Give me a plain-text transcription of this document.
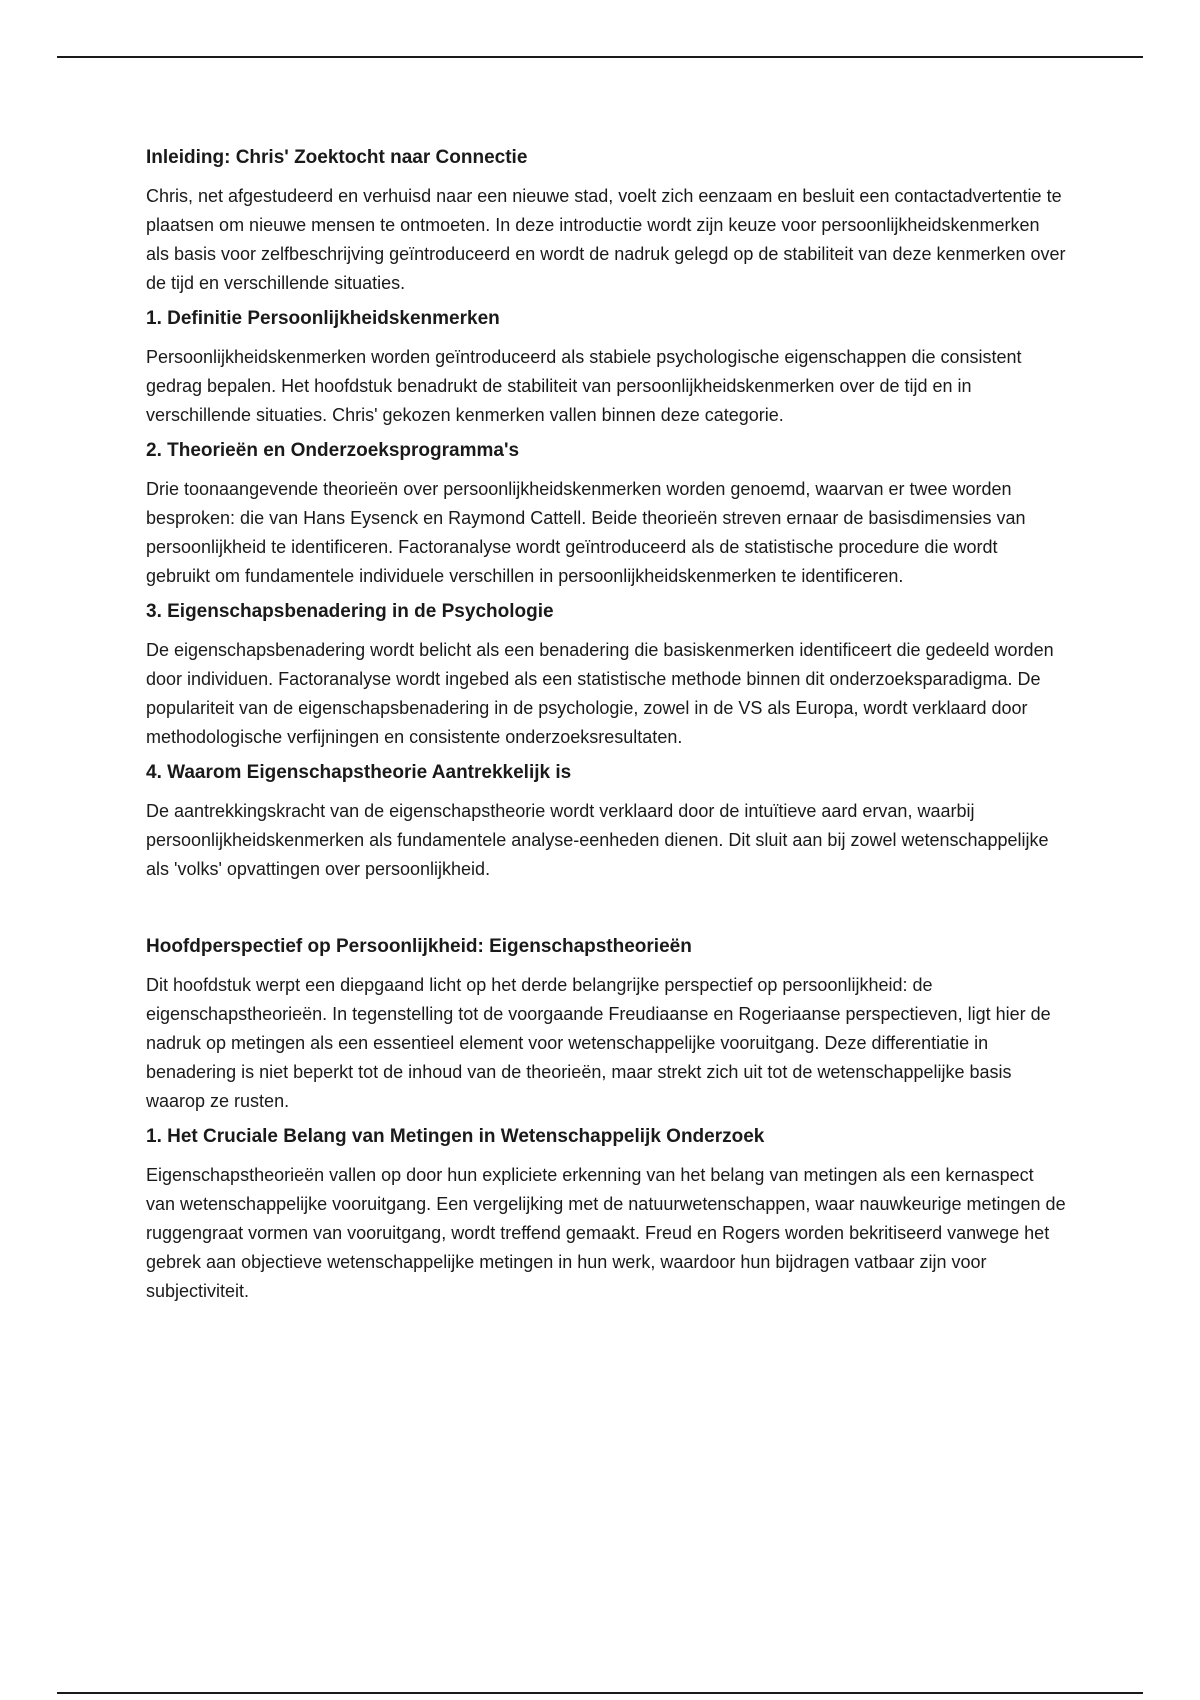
Inleiding: Chris' Zoektocht naar Connectie

Chris, net afgestudeerd en verhuisd naar een nieuwe stad, voelt zich eenzaam en besluit een contactadvertentie te plaatsen om nieuwe mensen te ontmoeten. In deze introductie wordt zijn keuze voor persoonlijkheidskenmerken als basis voor zelfbeschrijving geïntroduceerd en wordt de nadruk gelegd op de stabiliteit van deze kenmerken over de tijd en verschillende situaties.

1. Definitie Persoonlijkheidskenmerken

Persoonlijkheidskenmerken worden geïntroduceerd als stabiele psychologische eigenschappen die consistent gedrag bepalen. Het hoofdstuk benadrukt de stabiliteit van persoonlijkheidskenmerken over de tijd en in verschillende situaties. Chris' gekozen kenmerken vallen binnen deze categorie.

2. Theorieën en Onderzoeksprogramma's

Drie toonaangevende theorieën over persoonlijkheidskenmerken worden genoemd, waarvan er twee worden besproken: die van Hans Eysenck en Raymond Cattell. Beide theorieën streven ernaar de basisdimensies van persoonlijkheid te identificeren. Factoranalyse wordt geïntroduceerd als de statistische procedure die wordt gebruikt om fundamentele individuele verschillen in persoonlijkheidskenmerken te identificeren.

3. Eigenschapsbenadering in de Psychologie

De eigenschapsbenadering wordt belicht als een benadering die basiskenmerken identificeert die gedeeld worden door individuen. Factoranalyse wordt ingebed als een statistische methode binnen dit onderzoeksparadigma. De populariteit van de eigenschapsbenadering in de psychologie, zowel in de VS als Europa, wordt verklaard door methodologische verfijningen en consistente onderzoeksresultaten.

4. Waarom Eigenschapstheorie Aantrekkelijk is

De aantrekkingskracht van de eigenschapstheorie wordt verklaard door de intuïtieve aard ervan, waarbij persoonlijkheidskenmerken als fundamentele analyse-eenheden dienen. Dit sluit aan bij zowel wetenschappelijke als 'volks' opvattingen over persoonlijkheid.

Hoofdperspectief op Persoonlijkheid: Eigenschapstheorieën

Dit hoofdstuk werpt een diepgaand licht op het derde belangrijke perspectief op persoonlijkheid: de eigenschapstheorieën. In tegenstelling tot de voorgaande Freudiaanse en Rogeriaanse perspectieven, ligt hier de nadruk op metingen als een essentieel element voor wetenschappelijke vooruitgang. Deze differentiatie in benadering is niet beperkt tot de inhoud van de theorieën, maar strekt zich uit tot de wetenschappelijke basis waarop ze rusten.

1. Het Cruciale Belang van Metingen in Wetenschappelijk Onderzoek

Eigenschapstheorieën vallen op door hun expliciete erkenning van het belang van metingen als een kernaspect van wetenschappelijke vooruitgang. Een vergelijking met de natuurwetenschappen, waar nauwkeurige metingen de ruggengraat vormen van vooruitgang, wordt treffend gemaakt. Freud en Rogers worden bekritiseerd vanwege het gebrek aan objectieve wetenschappelijke metingen in hun werk, waardoor hun bijdragen vatbaar zijn voor subjectiviteit.
